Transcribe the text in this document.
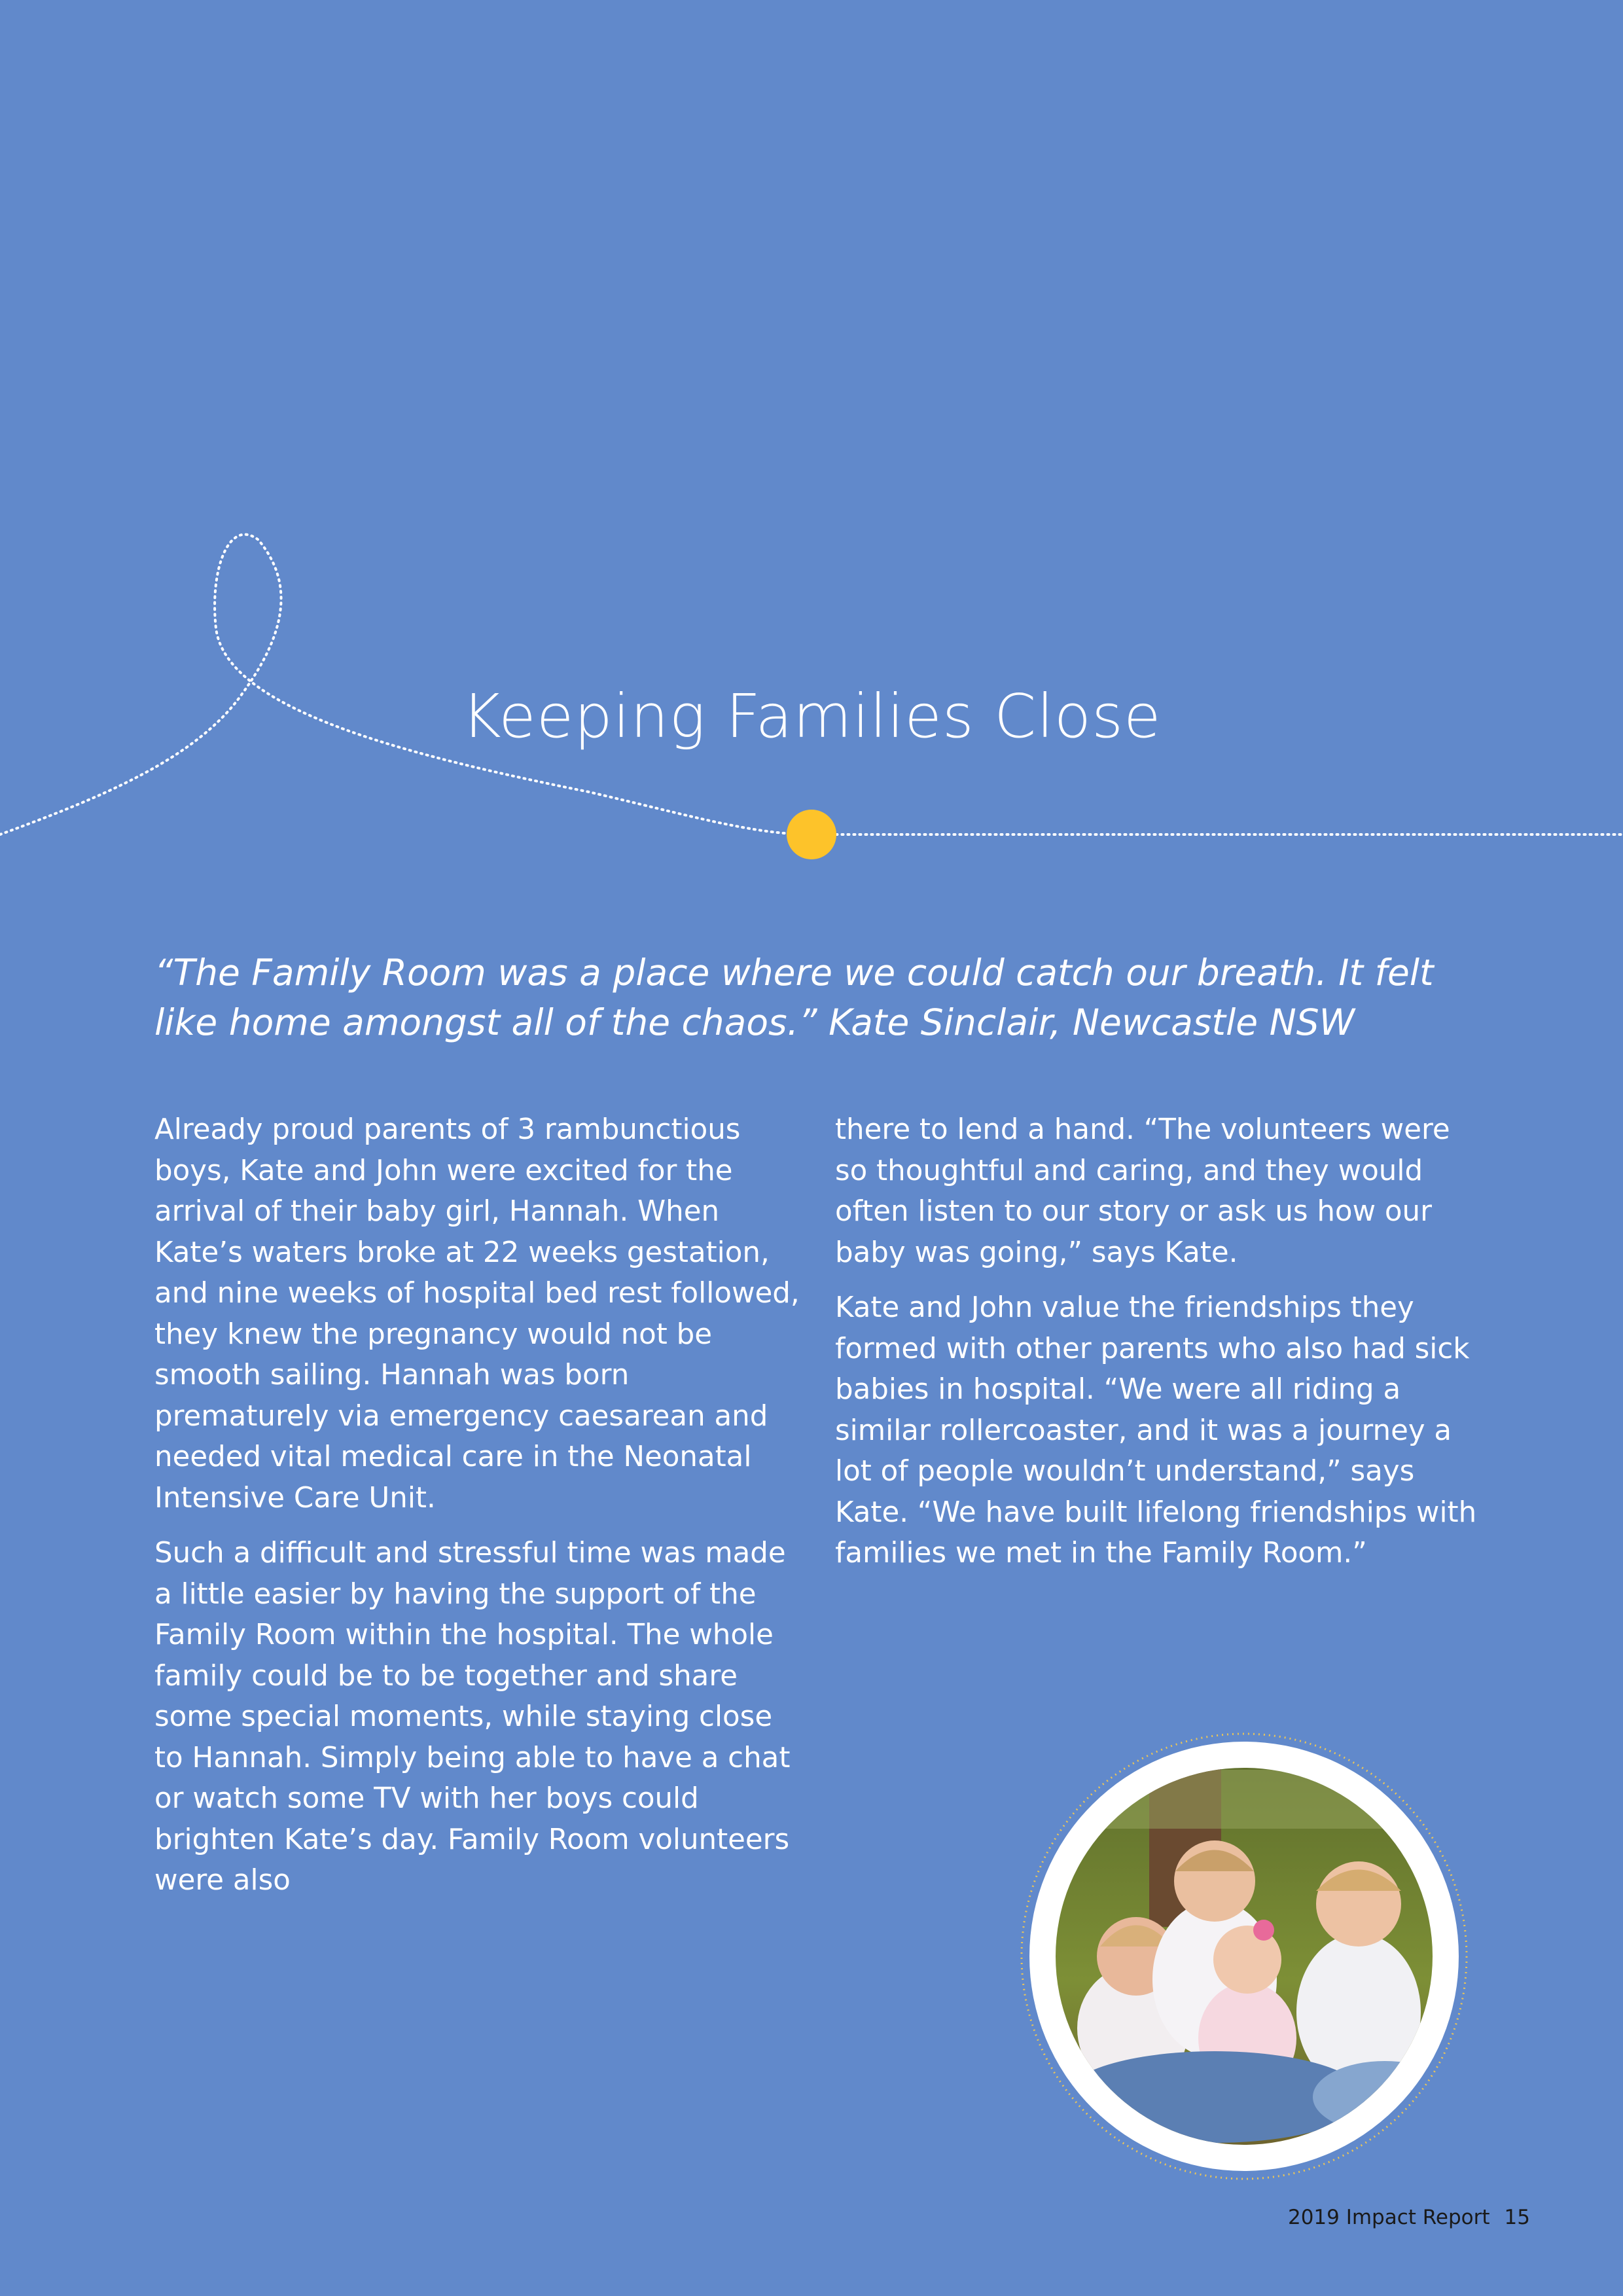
Keeping Families Close

“The Family Room was a place where we could catch our breath. It felt like home amongst all of the chaos.” Kate Sinclair, Newcastle NSW

Already proud parents of 3 rambunctious boys, Kate and John were excited for the arrival of their baby girl, Hannah. When Kate’s waters broke at 22 weeks gestation, and nine weeks of hospital bed rest followed, they knew the pregnancy would not be smooth sailing. Hannah was born prematurely via emergency caesarean and needed vital medical care in the Neonatal Intensive Care Unit.

Such a difficult and stressful time was made a little easier by having the support of the Family Room within the hospital. The whole family could be to be together and share some special moments, while staying close to Hannah. Simply being able to have a chat or watch some TV with her boys could brighten Kate’s day. Family Room volunteers were also

there to lend a hand. “The volunteers were so thoughtful and caring, and they would often listen to our story or ask us how our baby was going,” says Kate.

Kate and John value the friendships they formed with other parents who also had sick babies in hospital. “We were all riding a similar rollercoaster, and it was a journey a lot of people wouldn’t understand,” says Kate. “We have built lifelong friendships with families we met in the Family Room.”

2019 Impact Report 15
